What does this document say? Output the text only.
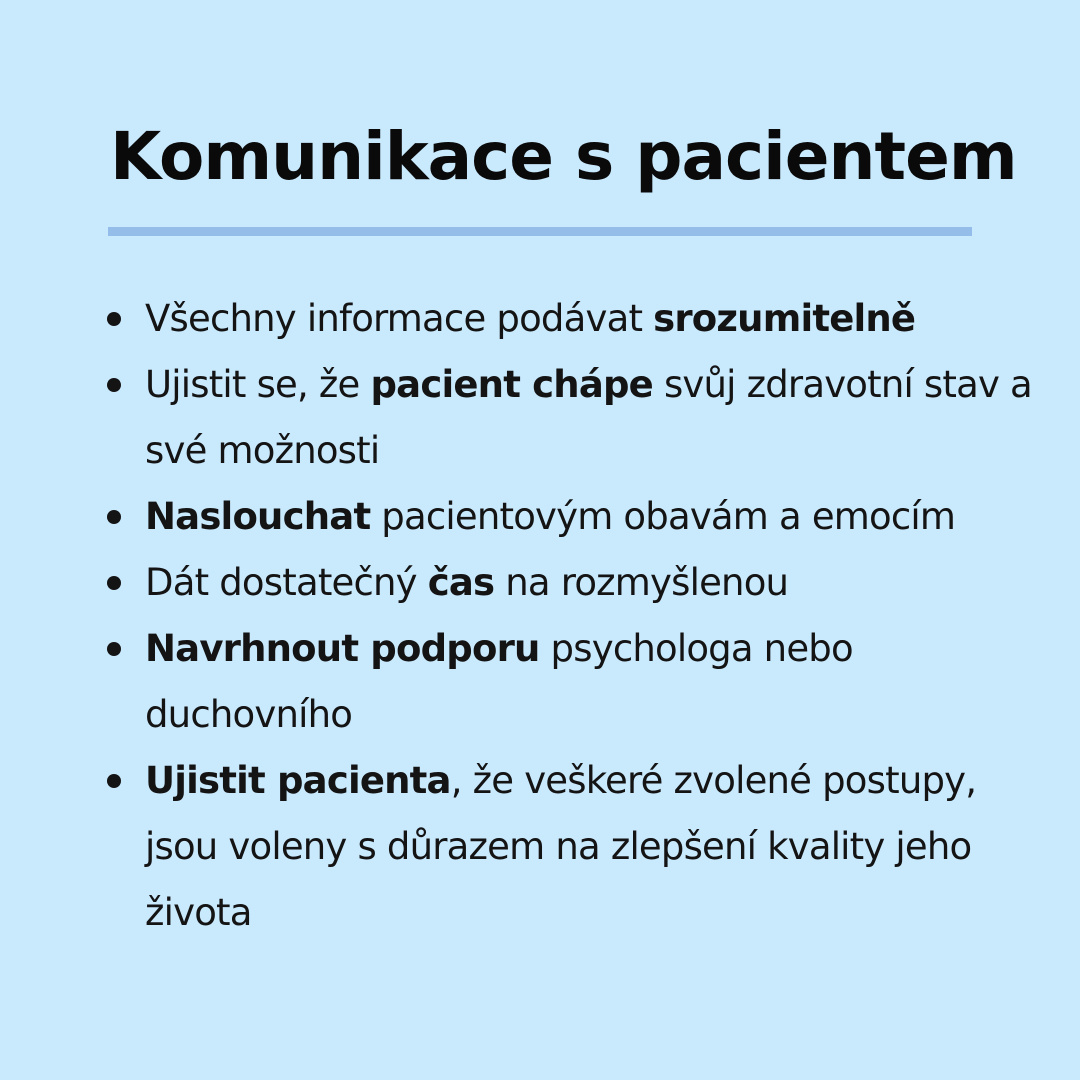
Komunikace s pacientem
Všechny informace podávat srozumitelně
Ujistit se, že pacient chápe svůj zdravotní stav a své možnosti
Naslouchat pacientovým obavám a emocím
Dát dostatečný čas na rozmyšlenou
Navrhnout podporu psychologa nebo duchovního
Ujistit pacienta, že veškeré zvolené postupy, jsou voleny s důrazem na zlepšení kvality jeho života
